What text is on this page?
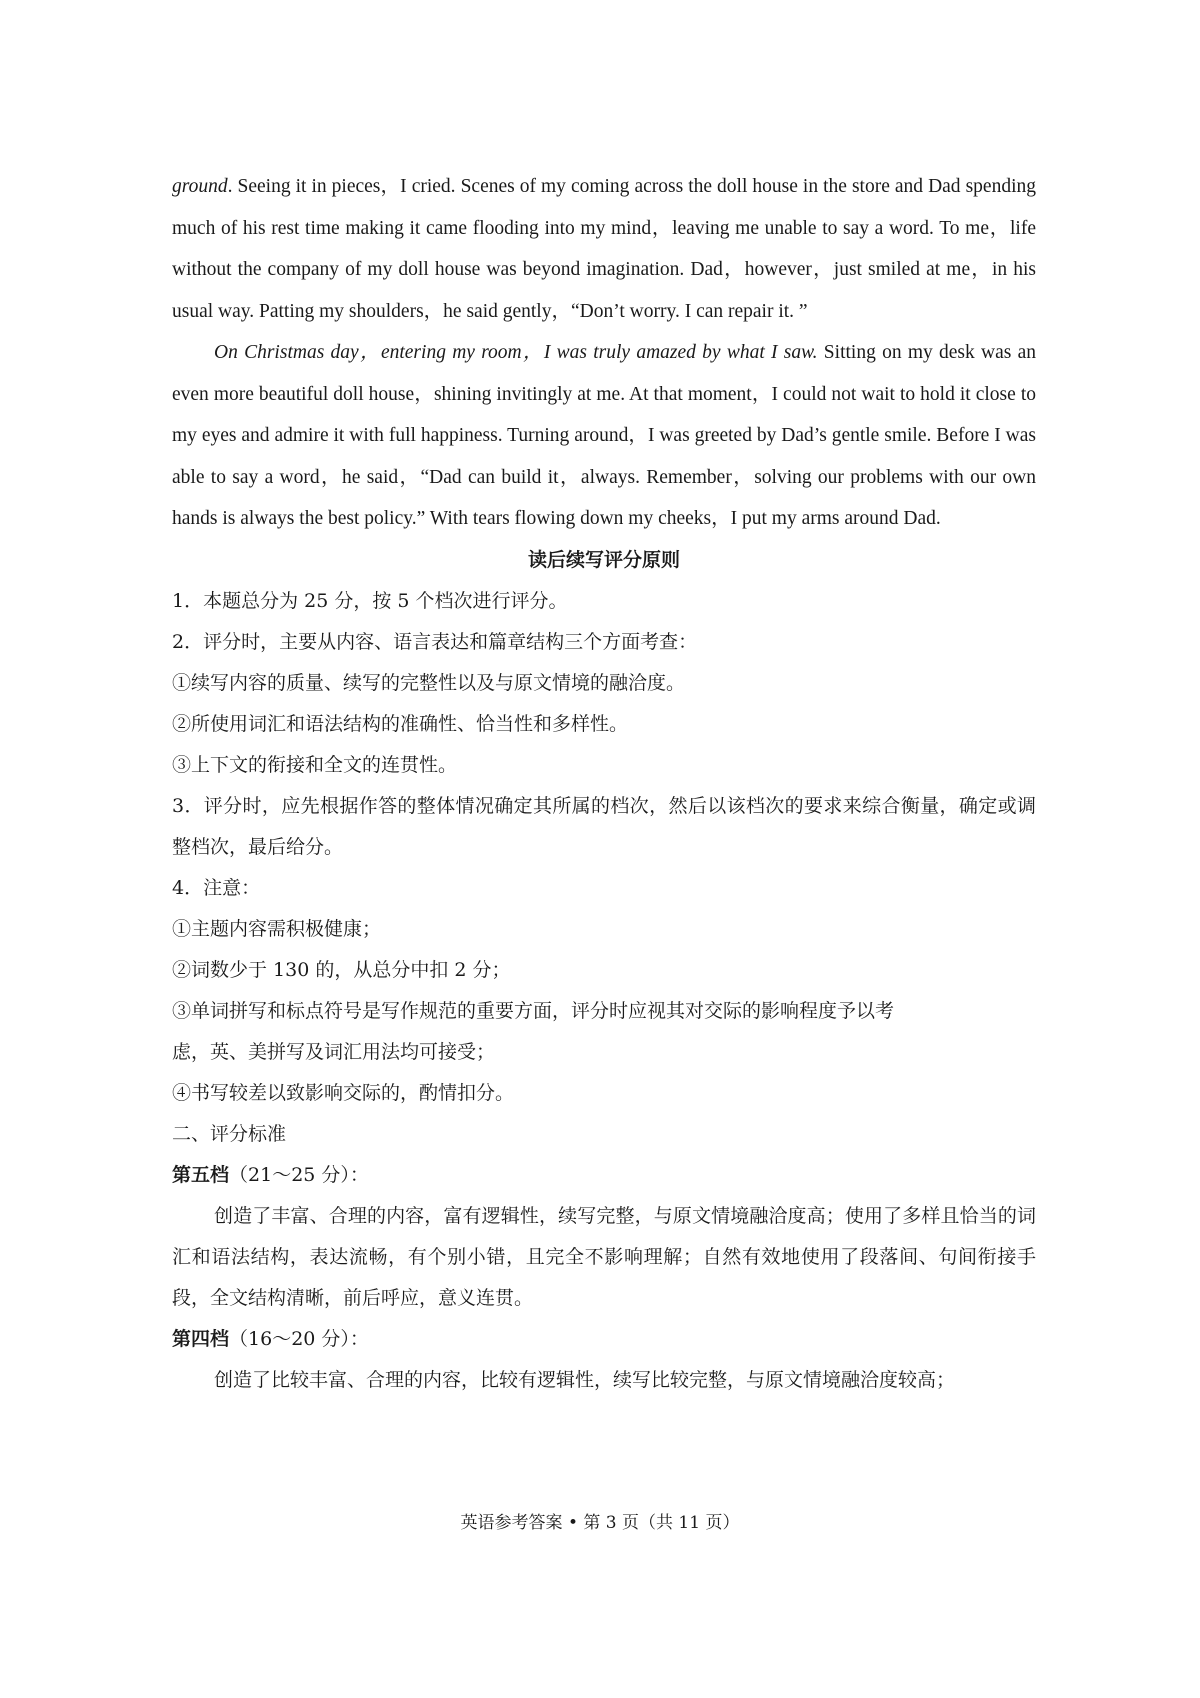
ground. Seeing it in pieces，I cried. Scenes of my coming across the doll house in the store and Dad spending much of his rest time making it came flooding into my mind，leaving me unable to say a word. To me，life without the company of my doll house was beyond imagination. Dad，however，just smiled at me，in his usual way. Patting my shoulders，he said gently，“Don’t worry. I can repair it. ”

On Christmas day，entering my room，I was truly amazed by what I saw. Sitting on my desk was an even more beautiful doll house，shining invitingly at me. At that moment，I could not wait to hold it close to my eyes and admire it with full happiness. Turning around，I was greeted by Dad’s gentle smile. Before I was able to say a word，he said，“Dad can build it，always. Remember，solving our problems with our own hands is always the best policy.” With tears flowing down my cheeks，I put my arms around Dad.

读后续写评分原则

1．本题总分为 25 分，按 5 个档次进行评分。

2．评分时，主要从内容、语言表达和篇章结构三个方面考查：

①续写内容的质量、续写的完整性以及与原文情境的融洽度。

②所使用词汇和语法结构的准确性、恰当性和多样性。

③上下文的衔接和全文的连贯性。

3．评分时，应先根据作答的整体情况确定其所属的档次，然后以该档次的要求来综合衡量，确定或调整档次，最后给分。

4．注意：

①主题内容需积极健康；

②词数少于 130 的，从总分中扣 2 分；

③单词拼写和标点符号是写作规范的重要方面，评分时应视其对交际的影响程度予以考

虑，英、美拼写及词汇用法均可接受；

④书写较差以致影响交际的，酌情扣分。

二、评分标准

第五档（21～25 分）：

创造了丰富、合理的内容，富有逻辑性，续写完整，与原文情境融洽度高；使用了多样且恰当的词汇和语法结构，表达流畅，有个别小错，且完全不影响理解；自然有效地使用了段落间、句间衔接手段，全文结构清晰，前后呼应，意义连贯。

第四档（16～20 分）：

创造了比较丰富、合理的内容，比较有逻辑性，续写比较完整，与原文情境融洽度较高；

英语参考答案 • 第 3 页（共 11 页）
